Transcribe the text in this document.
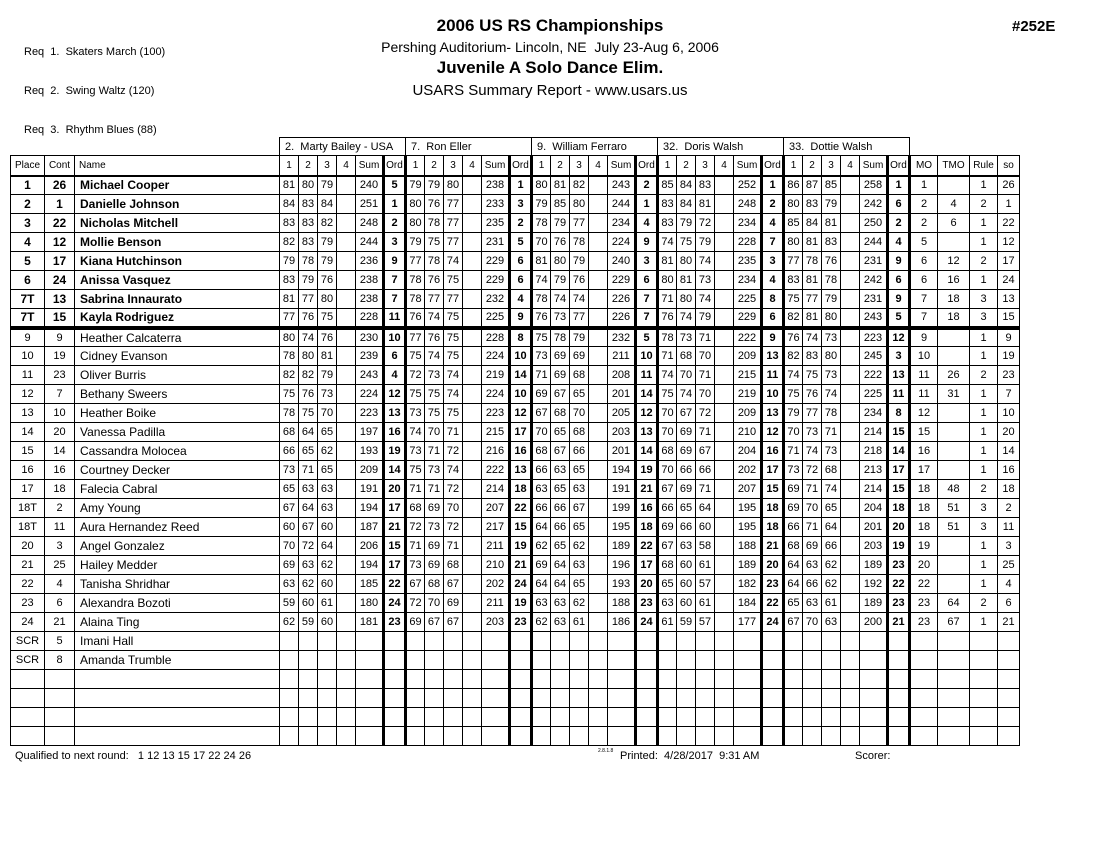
Req  1.  Skaters March (100)

Req  2.  Swing Waltz (120)

Req  3.  Rhythm Blues (88)

2006 US RS Championships
Pershing Auditorium- Lincoln, NE  July 23-Aug 6, 2006
Juvenile A Solo Dance Elim.
USARS Summary Report - www.usars.us
#252E
			2.  Marty Bailey - USA						7.  Ron Eller						9.  William Ferraro						32.  Doris Walsh						33.  Dottie Walsh									
Place	Cont	Name	1	2	3	4	Sum	Ord	1	2	3	4	Sum	Ord	1	2	3	4	Sum	Ord	1	2	3	4	Sum	Ord	1	2	3	4	Sum	Ord	MO	TMO	Rule	so
1	26	Michael Cooper	81	80	79		240	5	79	79	80		238	1	80	81	82		243	2	85	84	83		252	1	86	87	85		258	1	1		1	26
2	1	Danielle Johnson	84	83	84		251	1	80	76	77		233	3	79	85	80		244	1	83	84	81		248	2	80	83	79		242	6	2	4	2	1
3	22	Nicholas Mitchell	83	83	82		248	2	80	78	77		235	2	78	79	77		234	4	83	79	72		234	4	85	84	81		250	2	2	6	1	22
4	12	Mollie Benson	82	83	79		244	3	79	75	77		231	5	70	76	78		224	9	74	75	79		228	7	80	81	83		244	4	5		1	12
5	17	Kiana Hutchinson	79	78	79		236	9	77	78	74		229	6	81	80	79		240	3	81	80	74		235	3	77	78	76		231	9	6	12	2	17
6	24	Anissa Vasquez	83	79	76		238	7	78	76	75		229	6	74	79	76		229	6	80	81	73		234	4	83	81	78		242	6	6	16	1	24
7T	13	Sabrina Innaurato	81	77	80		238	7	78	77	77		232	4	78	74	74		226	7	71	80	74		225	8	75	77	79		231	9	7	18	3	13
7T	15	Kayla Rodriguez	77	76	75		228	11	76	74	75		225	9	76	73	77		226	7	76	74	79		229	6	82	81	80		243	5	7	18	3	15
9	9	Heather Calcaterra	80	74	76		230	10	77	76	75		228	8	75	78	79		232	5	78	73	71		222	9	76	74	73		223	12	9		1	9
10	19	Cidney Evanson	78	80	81		239	6	75	74	75		224	10	73	69	69		211	10	71	68	70		209	13	82	83	80		245	3	10		1	19
11	23	Oliver Burris	82	82	79		243	4	72	73	74		219	14	71	69	68		208	11	74	70	71		215	11	74	75	73		222	13	11	26	2	23
12	7	Bethany Sweers	75	76	73		224	12	75	75	74		224	10	69	67	65		201	14	75	74	70		219	10	75	76	74		225	11	11	31	1	7
13	10	Heather Boike	78	75	70		223	13	73	75	75		223	12	67	68	70		205	12	70	67	72		209	13	79	77	78		234	8	12		1	10
14	20	Vanessa Padilla	68	64	65		197	16	74	70	71		215	17	70	65	68		203	13	70	69	71		210	12	70	73	71		214	15	15		1	20
15	14	Cassandra Molocea	66	65	62		193	19	73	71	72		216	16	68	67	66		201	14	68	69	67		204	16	71	74	73		218	14	16		1	14
16	16	Courtney Decker	73	71	65		209	14	75	73	74		222	13	66	63	65		194	19	70	66	66		202	17	73	72	68		213	17	17		1	16
17	18	Falecia Cabral	65	63	63		191	20	71	71	72		214	18	63	65	63		191	21	67	69	71		207	15	69	71	74		214	15	18	48	2	18
18T	2	Amy Young	67	64	63		194	17	68	69	70		207	22	66	66	67		199	16	66	65	64		195	18	69	70	65		204	18	18	51	3	2
18T	11	Aura Hernandez Reed	60	67	60		187	21	72	73	72		217	15	64	66	65		195	18	69	66	60		195	18	66	71	64		201	20	18	51	3	11
20	3	Angel Gonzalez	70	72	64		206	15	71	69	71		211	19	62	65	62		189	22	67	63	58		188	21	68	69	66		203	19	19		1	3
21	25	Hailey Medder	69	63	62		194	17	73	69	68		210	21	69	64	63		196	17	68	60	61		189	20	64	63	62		189	23	20		1	25
22	4	Tanisha Shridhar	63	62	60		185	22	67	68	67		202	24	64	64	65		193	20	65	60	57		182	23	64	66	62		192	22	22		1	4
23	6	Alexandra Bozoti	59	60	61		180	24	72	70	69		211	19	63	63	62		188	23	63	60	61		184	22	65	63	61		189	23	23	64	2	6
24	21	Alaina Ting	62	59	60		181	23	69	67	67		203	23	62	63	61		186	24	61	59	57		177	24	67	70	63		200	21	23	67	1	21
SCR	5	Imani Hall																																		
SCR	8	Amanda Trumble																																		

Qualified to next round:   1 12 13 15 17 22 24 26	2.8.1.8 Printed:  4/28/2017  9:31 AM	Scorer:
